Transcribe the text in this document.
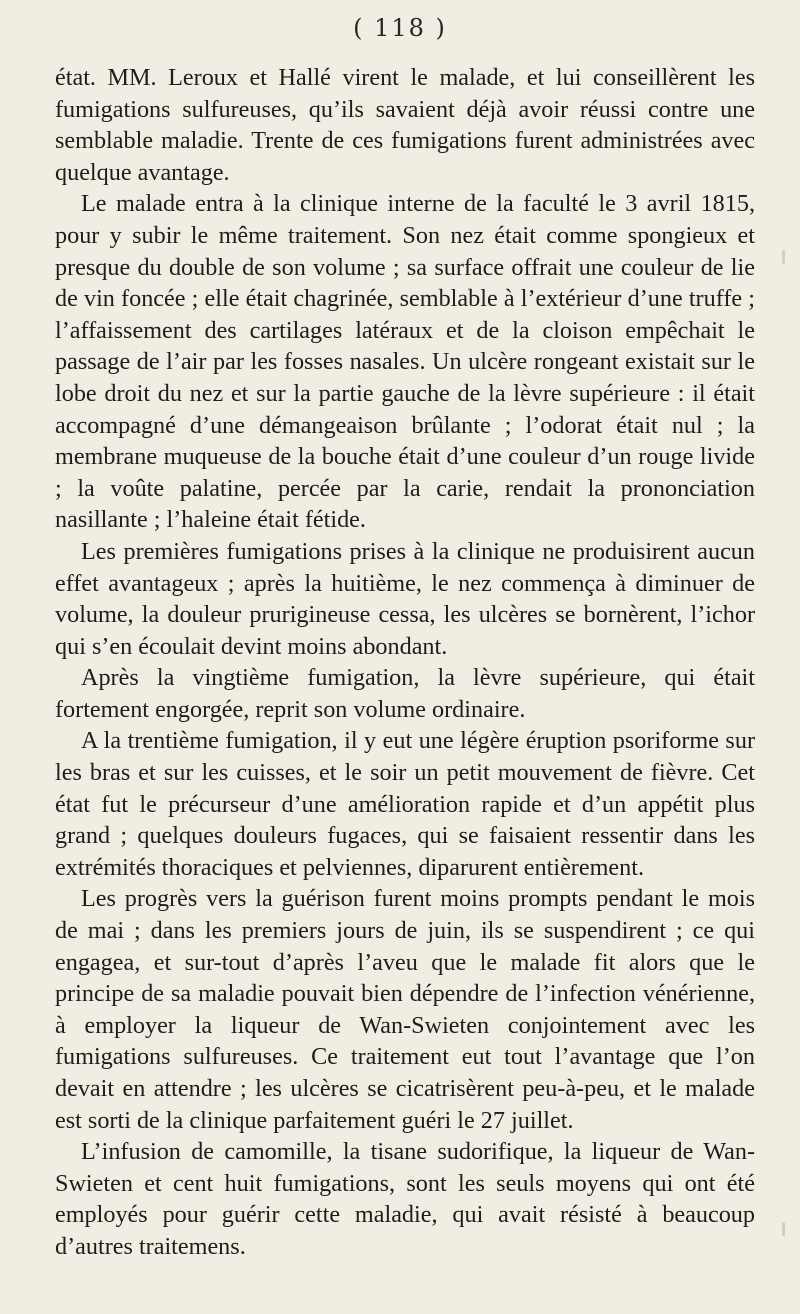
( 118 )

état. MM. Leroux et Hallé virent le malade, et lui conseillèrent les fumigations sulfureuses, qu’ils savaient déjà avoir réussi contre une semblable maladie. Trente de ces fumigations furent administrées avec quelque avantage.

Le malade entra à la clinique interne de la faculté le 3 avril 1815, pour y subir le même traitement. Son nez était comme spongieux et presque du double de son volume ; sa surface offrait une couleur de lie de vin foncée ; elle était chagrinée, semblable à l’extérieur d’une truffe ; l’affaissement des cartilages latéraux et de la cloison empêchait le passage de l’air par les fosses nasales. Un ulcère rongeant existait sur le lobe droit du nez et sur la partie gauche de la lèvre supérieure : il était accompagné d’une démangeaison brûlante ; l’odorat était nul ; la membrane muqueuse de la bouche était d’une couleur d’un rouge livide ; la voûte palatine, percée par la carie, rendait la prononciation nasillante ; l’haleine était fétide.

Les premières fumigations prises à la clinique ne produisirent aucun effet avantageux ; après la huitième, le nez commença à diminuer de volume, la douleur prurigineuse cessa, les ulcères se bornèrent, l’ichor qui s’en écoulait devint moins abondant.

Après la vingtième fumigation, la lèvre supérieure, qui était fortement engorgée, reprit son volume ordinaire.

A la trentième fumigation, il y eut une légère éruption psoriforme sur les bras et sur les cuisses, et le soir un petit mouvement de fièvre. Cet état fut le précurseur d’une amélioration rapide et d’un appétit plus grand ; quelques douleurs fugaces, qui se faisaient ressentir dans les extrémités thoraciques et pelviennes, diparurent entièrement.

Les progrès vers la guérison furent moins prompts pendant le mois de mai ; dans les premiers jours de juin, ils se suspendirent ; ce qui engagea, et sur-tout d’après l’aveu que le malade fit alors que le principe de sa maladie pouvait bien dépendre de l’infection vénérienne, à employer la liqueur de Wan-Swieten conjointement avec les fumigations sulfureuses. Ce traitement eut tout l’avantage que l’on devait en attendre ; les ulcères se cicatrisèrent peu-à-peu, et le malade est sorti de la clinique parfaitement guéri le 27 juillet.

L’infusion de camomille, la tisane sudorifique, la liqueur de Wan-Swieten et cent huit fumigations, sont les seuls moyens qui ont été employés pour guérir cette maladie, qui avait résisté à beaucoup d’autres traitemens.
